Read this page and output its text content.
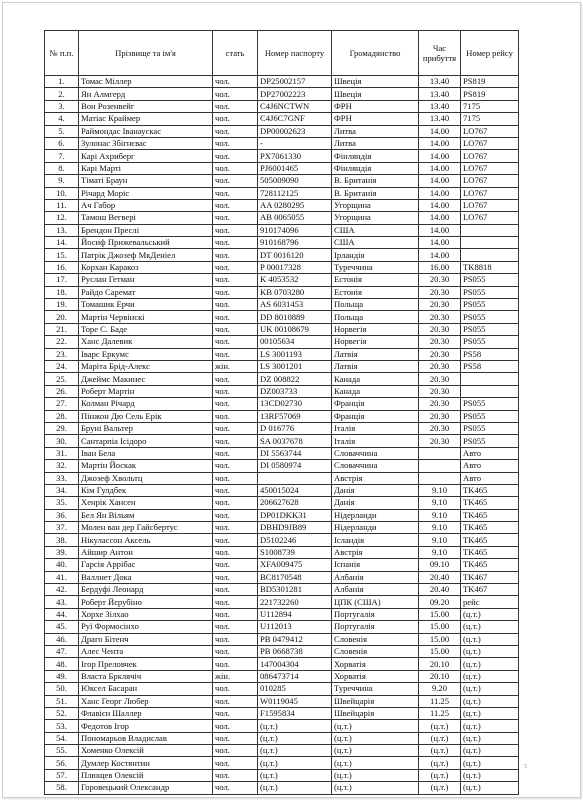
№ п.п.	Прізвище та ім'я	стать	Номер паспорту	Громадянство	Час прибуття	Номер рейсу
1.	Томас Міллер	чол.	DP25002157	Швеція	13.40	PS819
2.	Ян Алмгерд	чол.	DP27002223	Швеція	13.40	PS819
3.	Вон Розенвейг	чол.	C4J6NCTWN	ФРН	13.40	7175
4.	Матіас Краймер	чол.	C4J6C7GNF	ФРН	13.40	7175
5.	Раймондас Іванаускас	чол.	DP00002623	Литва	14.00	LO767
6.	Зулонас Збігнєвас	чол.	-	Литва	14.00	LO767
7.	Карі Ахриберг	чол.	PX7061330	Фінляндія	14.00	LO767
8.	Карі Марті	чол.	PJ6001465	Фінляндія	14.00	LO767
9.	Тіматі Браун	чол.	505009090	В. Британія	14.00	LO767
10.	Річард Моріс	чол.	728112125	В. Британія	14.00	LO767
11.	Ач Габор	чол.	AA 0280295	Угорщина	14.00	LO767
12.	Тамош Вегвері	чол.	AB 0065055	Угорщина	14.00	LO767
13.	Брендон Преслі	чол.	910174096	США	14.00	
14.	Йосиф Прижевальський	чол.	910168796	США	14.00	
15.	Патрік Джозеф МкДеніел	чол.	DT 0016120	Ірландія	14.00	
16.	Корхан Каракоз	чол.	P 00017328	Туреччина	16.00	TK8818
17.	Руслан Гетман	чол.	K 4053532	Естонія	20.30	PS055
18.	Райдо Саремат	чол.	KB 0703280	Естонія	20.30	PS055
19.	Томашик Ерчи	чол.	AS 6031453	Польща	20.30	PS055
20.	Мартін Червінскі	чол.	DD 8010889	Польща	20.30	PS055
21.	Торе С. Баде	чол.	UK 00108679	Норвегія	20.30	PS055
22.	Ханс Далевик	чол.	00105634	Норвегія	20.30	PS055
23.	Іварс Еркумс	чол.	LS 3001193	Латвія	20.30	PS58
24.	Маріта Брід-Алекс	жін.	LS 3001201	Латвія	20.30	PS58
25.	Джеймс Макинес	чол.	DZ 008822	Канада	20.30	
26.	Роберт Мартін	чол.	DZ003733	Канада	20.30	
27.	Колман Річард	чол.	13CD02730	Франція	20.30	PS055
28.	Пінжон Дю Сель Ерік	чол.	13RF57069	Франція	20.30	PS055
29.	Бруні Вальтер	чол.	D 016776	Італія	20.30	PS055
30.	Сантарпіа Ісідоро	чол.	SA 0037678	Італія	20.30	PS055
31.	Іван Бела	чол.	DI 5563744	Словаччина		Авто
32.	Мартін Йоскак	чол.	DI 0580974	Словаччина		Авто
33.	Джозеф Хвольтц	чол.		Австрія		Авто
34.	Кім Гулдбек	чол.	450015024	Данія	9.10	TK465
35.	Хенрік Хансен	чол.	206627628	Данія	9.10	TK465
36.	Бел Ян Вільям	чол.	DP01DKK31	Нідерланди	9.10	TK465
37.	Молен ван дер Гайсбертус	чол.	DBHD9JB89	Нідерланди	9.10	TK465
38.	Нікулассон Аксель	чол.	D5102246	Ісландія	9.10	TK465
39.	Айшир Антон	чол.	S1008739	Австрія	9.10	TK465
40.	Гарсія Аррібас	чол.	XFA009475	Іспанія	09.10	TK465
41.	Валлнет Дока	чол.	BC8170548	Албанія	20.40	TK467
42.	Бердуфі Леонард	чол.	BD5301281	Албанія	20.40	TK467
43.	Роберт Йєрубіно	чол.	221732260	ЦПК (США)	09.20	рейс
44.	Хорхе Зілхао	чол.	U112894	Португалія	15.00	(ц.т.)
45.	Руї Формосінхо	чол.	U112013	Португалія	15.00	(ц.т.)
46.	Драго Бітенч	чол.	PB 0479412	Словенія	15.00	(ц.т.)
47.	Алес Чента	чол.	PB 0668738	Словенія	15.00	(ц.т.)
48.	Ігор Преловчек	чол.	147004304	Хорватія	20.10	(ц.т.)
49.	Власта Брклячіч	жін.	086473714	Хорватія	20.10	(ц.т.)
50.	Юксел Басаран	чол.	010285	Туреччина	9.20	(ц.т.)
51.	Ханс Георг Любер	чол.	W0119045	Швейцарія	11.25	(ц.т.)
52.	Флавієн Шаллер	чол.	F1595834	Швейцарія	11.25	(ц.т.)
53.	Федотов Ігор	чол.	(ц.т.)	(ц.т.)	(ц.т.)	(ц.т.)
54.	Пономарьов Владислав	чол.	(ц.т.)	(ц.т.)	(ц.т.)	(ц.т.)
55.	Хоменко Олексій	чол.	(ц.т.)	(ц.т.)	(ц.т.)	(ц.т.)
56.	Думлер Костянтин	чол.	(ц.т.)	(ц.т.)	(ц.т.)	(ц.т.)
57.	Плющев Олексій	чол.	(ц.т.)	(ц.т.)	(ц.т.)	(ц.т.)
58.	Горовецький Олександр	чол.	(ц.т.)	(ц.т.)	(ц.т.)	(ц.т.)
5
